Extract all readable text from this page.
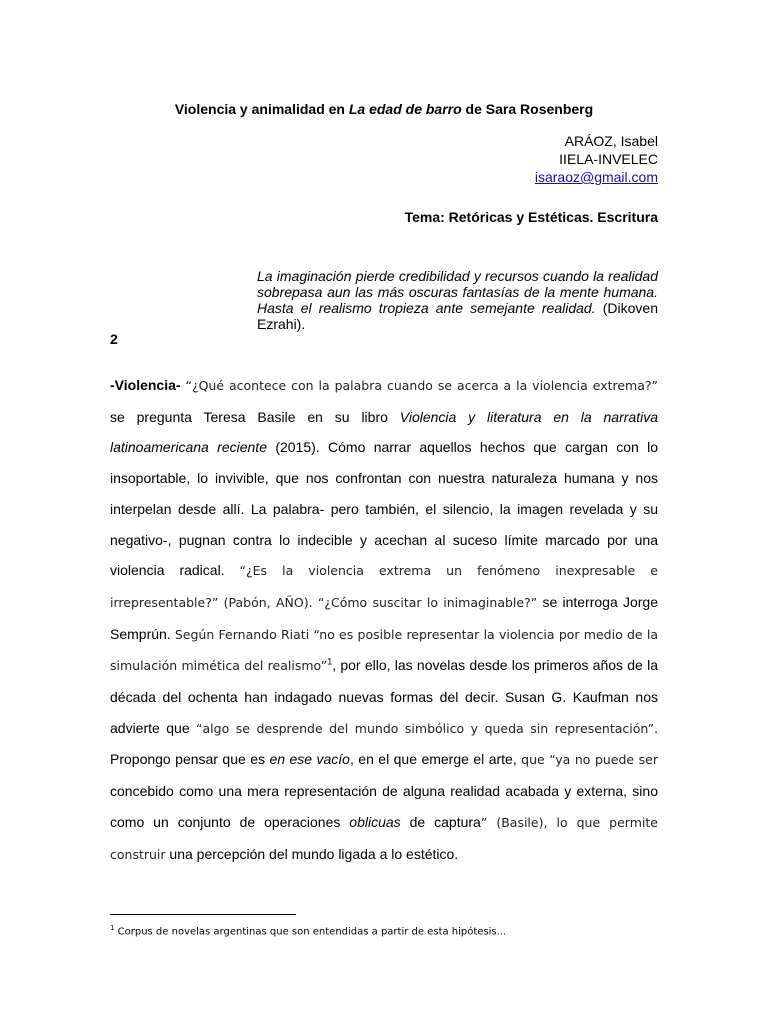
Violencia y animalidad en La edad de barro de Sara Rosenberg
ARÁOZ, Isabel
IIELA-INVELEC
isaraoz@gmail.com
Tema: Retóricas y Estéticas. Escritura
La imaginación pierde credibilidad y recursos cuando la realidad sobrepasa aun las más oscuras fantasías de la mente humana. Hasta el realismo tropieza ante semejante realidad. (Dikoven Ezrahi).
2
-Violencia- “¿Qué acontece con la palabra cuando se acerca a la violencia extrema?” se pregunta Teresa Basile en su libro Violencia y literatura en la narrativa latinoamericana reciente (2015). Cómo narrar aquellos hechos que cargan con lo insoportable, lo invivible, que nos confrontan con nuestra naturaleza humana y nos interpelan desde allí. La palabra- pero también, el silencio, la imagen revelada y su negativo-, pugnan contra lo indecible y acechan al suceso límite marcado por una violencia radical. “¿Es la violencia extrema un fenómeno inexpresable e irrepresentable?” (Pabón, AÑO). “¿Cómo suscitar lo inimaginable?” se interroga Jorge Semprún. Según Fernando Riati “no es posible representar la violencia por medio de la simulación mimética del realismo”$^1$, por ello, las novelas desde los primeros años de la década del ochenta han indagado nuevas formas del decir. Susan G. Kaufman nos advierte que “algo se desprende del mundo simbólico y queda sin representación”. Propongo pensar que es en ese vacío, en el que emerge el arte, que “ya no puede ser concebido como una mera representación de alguna realidad acabada y externa, sino como un conjunto de operaciones oblicuas de captura” (Basile), lo que permite construir una percepción del mundo ligada a lo estético.
$^1$ Corpus de novelas argentinas que son entendidas a partir de esta hipótesis...
